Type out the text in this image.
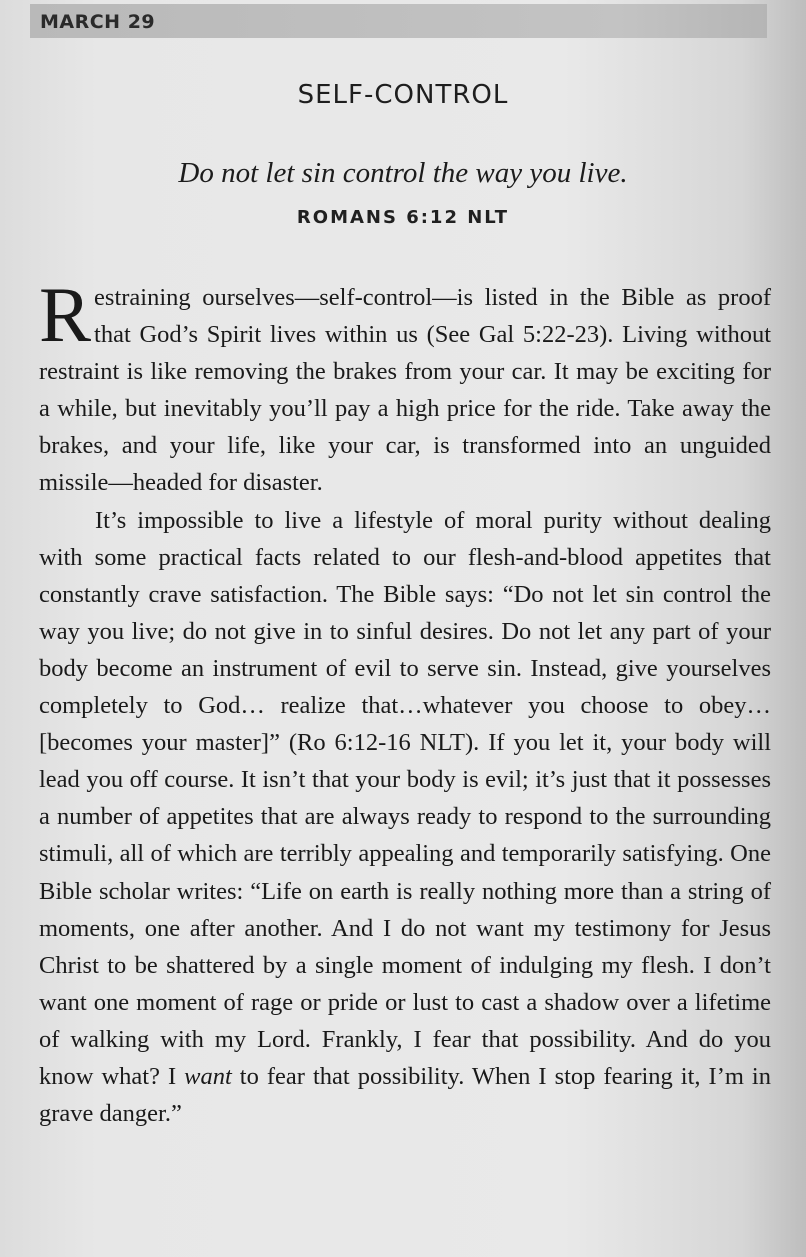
MARCH 29
SELF-CONTROL
Do not let sin control the way you live.
ROMANS 6:12 NLT

Restraining ourselves—self-control—is listed in the Bible as proof that God’s Spirit lives within us (See Gal 5:22-23). Living without restraint is like removing the brakes from your car. It may be exciting for a while, but inevitably you’ll pay a high price for the ride. Take away the brakes, and your life, like your car, is transformed into an unguided missile—headed for disaster.

It’s impossible to live a lifestyle of moral purity without dealing with some practical facts related to our flesh-and-blood appetites that constantly crave satisfaction. The Bible says: “Do not let sin control the way you live; do not give in to sinful desires. Do not let any part of your body become an instrument of evil to serve sin. Instead, give yourselves completely to God… realize that…whatever you choose to obey…[becomes your master]” (Ro 6:12-16 NLT). If you let it, your body will lead you off course. It isn’t that your body is evil; it’s just that it possesses a number of appetites that are always ready to respond to the surrounding stimuli, all of which are terribly appealing and temporarily satisfying. One Bible scholar writes: “Life on earth is really nothing more than a string of moments, one after another. And I do not want my testimony for Jesus Christ to be shattered by a single moment of indulging my flesh. I don’t want one moment of rage or pride or lust to cast a shadow over a lifetime of walking with my Lord. Frankly, I fear that possibility. And do you know what? I want to fear that possibility. When I stop fearing it, I’m in grave danger.”
